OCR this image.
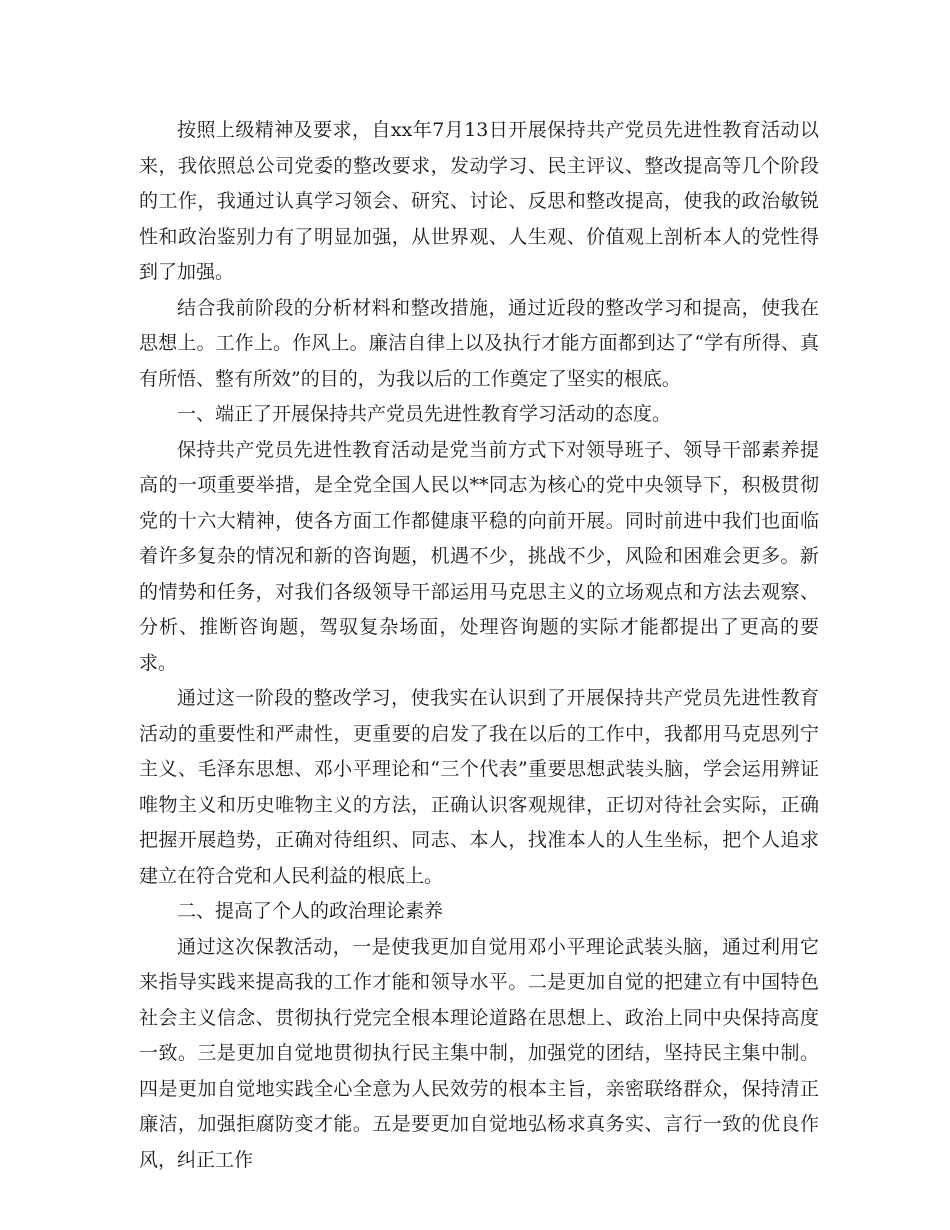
按照上级精神及要求，自xx年7月13日开展保持共产党员先进性教育活动以来，我依照总公司党委的整改要求，发动学习、民主评议、整改提高等几个阶段的工作，我通过认真学习领会、研究、讨论、反思和整改提高，使我的政治敏锐性和政治鉴别力有了明显加强，从世界观、人生观、价值观上剖析本人的党性得到了加强。

结合我前阶段的分析材料和整改措施，通过近段的整改学习和提高，使我在思想上。工作上。作风上。廉洁自律上以及执行才能方面都到达了“学有所得、真有所悟、整有所效”的目的，为我以后的工作奠定了坚实的根底。

一、端正了开展保持共产党员先进性教育学习活动的态度。

保持共产党员先进性教育活动是党当前方式下对领导班子、领导干部素养提高的一项重要举措，是全党全国人民以**同志为核心的党中央领导下，积极贯彻党的十六大精神，使各方面工作都健康平稳的向前开展。同时前进中我们也面临着许多复杂的情况和新的咨询题，机遇不少，挑战不少，风险和困难会更多。新的情势和任务，对我们各级领导干部运用马克思主义的立场观点和方法去观察、分析、推断咨询题，驾驭复杂场面，处理咨询题的实际才能都提出了更高的要求。

通过这一阶段的整改学习，使我实在认识到了开展保持共产党员先进性教育活动的重要性和严肃性，更重要的启发了我在以后的工作中，我都用马克思列宁主义、毛泽东思想、邓小平理论和“三个代表”重要思想武装头脑，学会运用辨证唯物主义和历史唯物主义的方法，正确认识客观规律，正切对待社会实际，正确把握开展趋势，正确对待组织、同志、本人，找准本人的人生坐标，把个人追求建立在符合党和人民利益的根底上。

二、提高了个人的政治理论素养

通过这次保教活动，一是使我更加自觉用邓小平理论武装头脑，通过利用它来指导实践来提高我的工作才能和领导水平。二是更加自觉的把建立有中国特色社会主义信念、贯彻执行党完全根本理论道路在思想上、政治上同中央保持高度一致。三是更加自觉地贯彻执行民主集中制，加强党的团结，坚持民主集中制。四是更加自觉地实践全心全意为人民效劳的根本主旨，亲密联络群众，保持清正廉洁，加强拒腐防变才能。五是要更加自觉地弘杨求真务实、言行一致的优良作风，纠正工作
